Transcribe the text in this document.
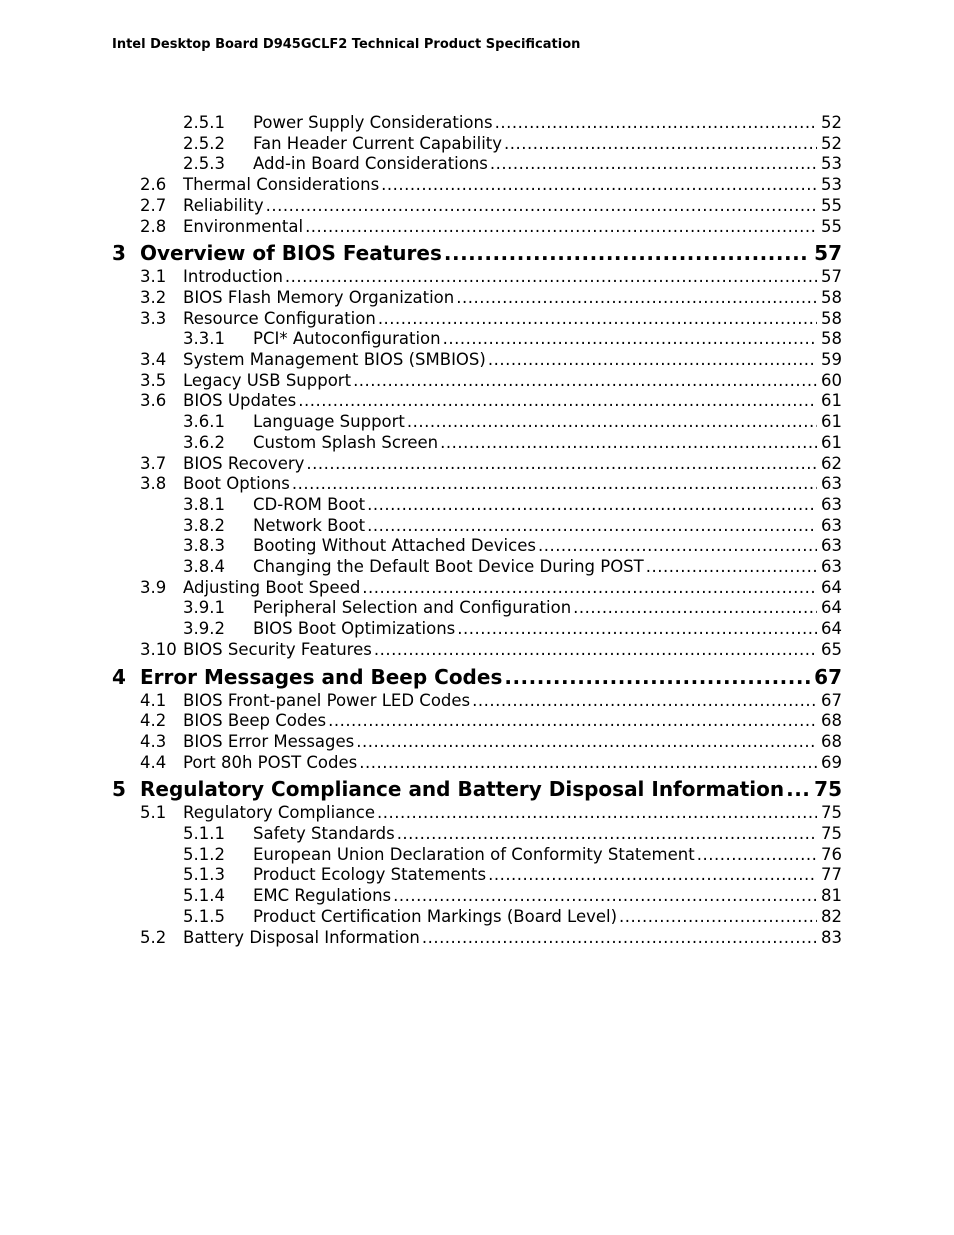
Intel Desktop Board D945GCLF2 Technical Product Specification
2.5.1 Power Supply Considerations .....	52
2.5.2 Fan Header Current Capability .....	52
2.5.3 Add-in Board Considerations .....	53
2.6 Thermal Considerations .....	53
2.7 Reliability .....	55
2.8 Environmental .....	55
3 Overview of BIOS Features .....	57
3.1 Introduction .....	57
3.2 BIOS Flash Memory Organization .....	58
3.3 Resource Configuration .....	58
3.3.1 PCI* Autoconfiguration .....	58
3.4 System Management BIOS (SMBIOS) .....	59
3.5 Legacy USB Support .....	60
3.6 BIOS Updates .....	61
3.6.1 Language Support .....	61
3.6.2 Custom Splash Screen .....	61
3.7 BIOS Recovery .....	62
3.8 Boot Options .....	63
3.8.1 CD-ROM Boot .....	63
3.8.2 Network Boot .....	63
3.8.3 Booting Without Attached Devices .....	63
3.8.4 Changing the Default Boot Device During POST .....	63
3.9 Adjusting Boot Speed .....	64
3.9.1 Peripheral Selection and Configuration .....	64
3.9.2 BIOS Boot Optimizations .....	64
3.10 BIOS Security Features .....	65
4 Error Messages and Beep Codes .....	67
4.1 BIOS Front-panel Power LED Codes .....	67
4.2 BIOS Beep Codes .....	68
4.3 BIOS Error Messages .....	68
4.4 Port 80h POST Codes .....	69
5 Regulatory Compliance and Battery Disposal Information ..... 75
5.1 Regulatory Compliance .....	75
5.1.1 Safety Standards .....	75
5.1.2 European Union Declaration of Conformity Statement .....	76
5.1.3 Product Ecology Statements .....	77
5.1.4 EMC Regulations .....	81
5.1.5 Product Certification Markings (Board Level) .....	82
5.2 Battery Disposal Information .....	83
